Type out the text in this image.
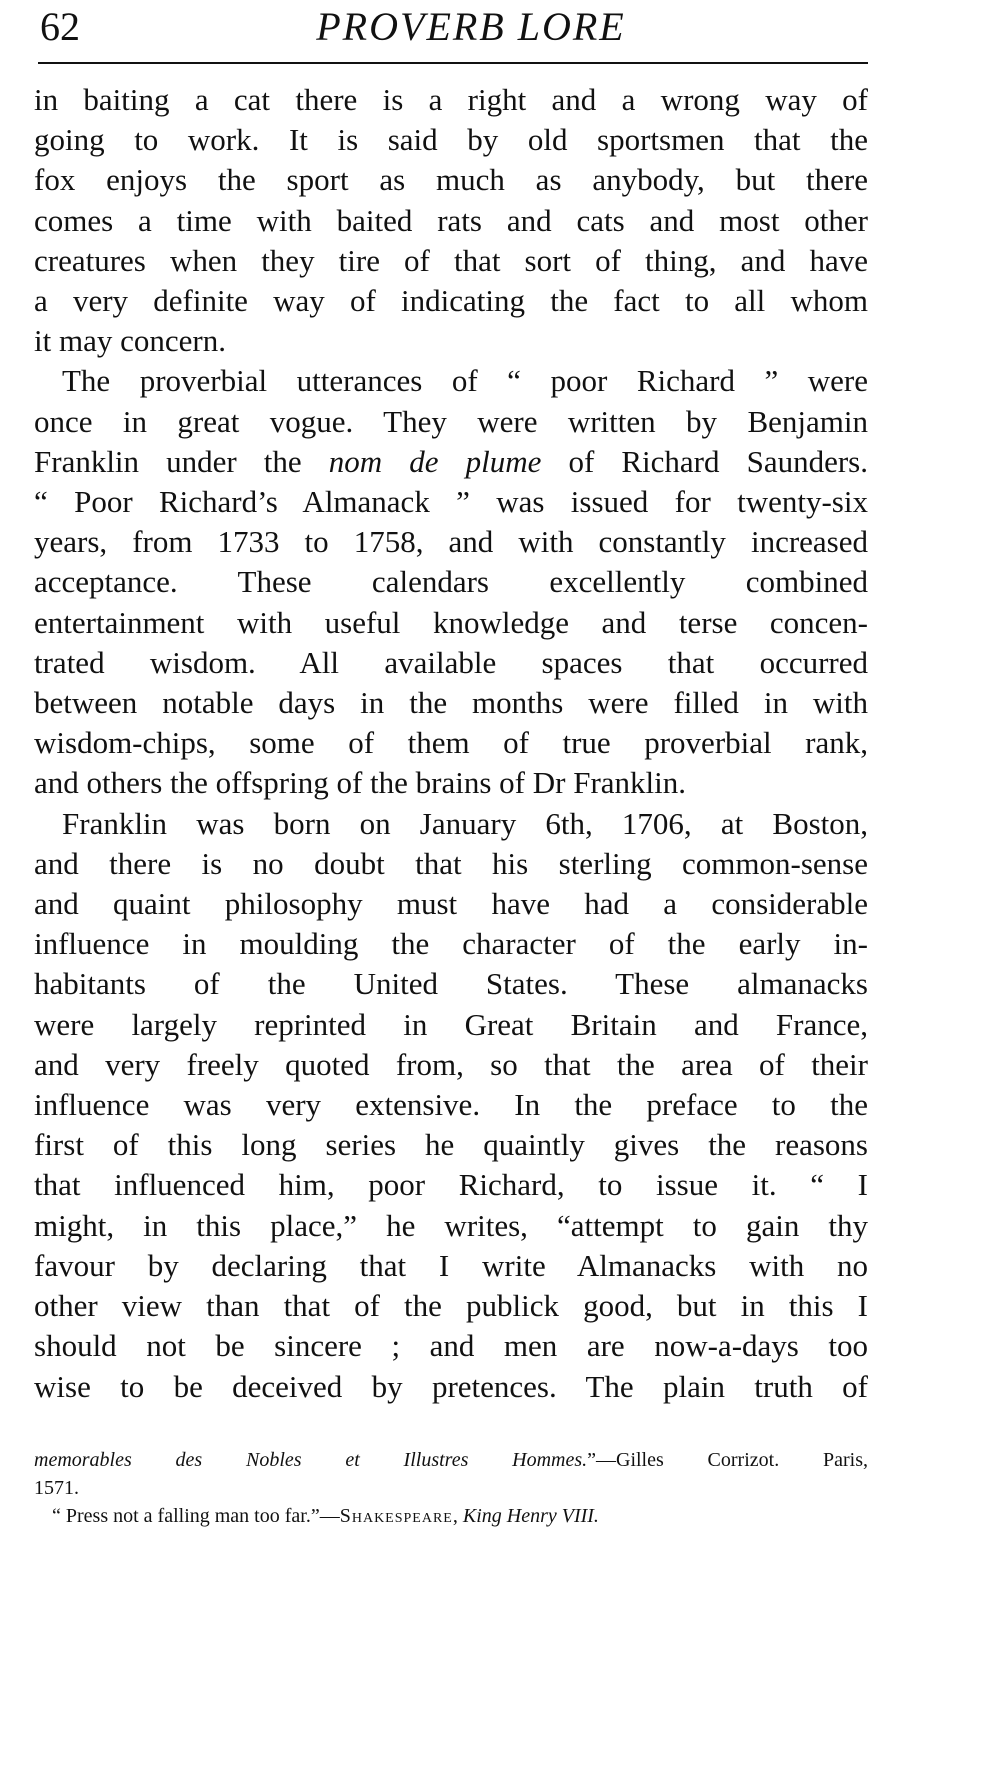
62	PROVERB LORE

in baiting a cat there is a right and a wrong way of
going to work. It is said by old sportsmen that the
fox enjoys the sport as much as anybody, but there
comes a time with baited rats and cats and most other
creatures when they tire of that sort of thing, and have
a very definite way of indicating the fact to all whom
it may concern.

The proverbial utterances of “ poor Richard ” were
once in great vogue. They were written by Benjamin
Franklin under the nom de plume of Richard Saunders.
“ Poor Richard’s Almanack ” was issued for twenty-six
years, from 1733 to 1758, and with constantly increased
acceptance. These calendars excellently combined
entertainment with useful knowledge and terse concen-
trated wisdom. All available spaces that occurred
between notable days in the months were filled in with
wisdom-chips, some of them of true proverbial rank,
and others the offspring of the brains of Dr Franklin.

Franklin was born on January 6th, 1706, at Boston,
and there is no doubt that his sterling common-sense
and quaint philosophy must have had a considerable
influence in moulding the character of the early in-
habitants of the United States. These almanacks
were largely reprinted in Great Britain and France,
and very freely quoted from, so that the area of their
influence was very extensive. In the preface to the
first of this long series he quaintly gives the reasons
that influenced him, poor Richard, to issue it. “ I
might, in this place,” he writes, “attempt to gain thy
favour by declaring that I write Almanacks with no
other view than that of the publick good, but in this I
should not be sincere ; and men are now-a-days too
wise to be deceived by pretences. The plain truth of

memorables des Nobles et Illustres Hommes.”—Gilles Corrizot. Paris,
1571.
“ Press not a falling man too far.”—Shakespeare, King Henry VIII.
